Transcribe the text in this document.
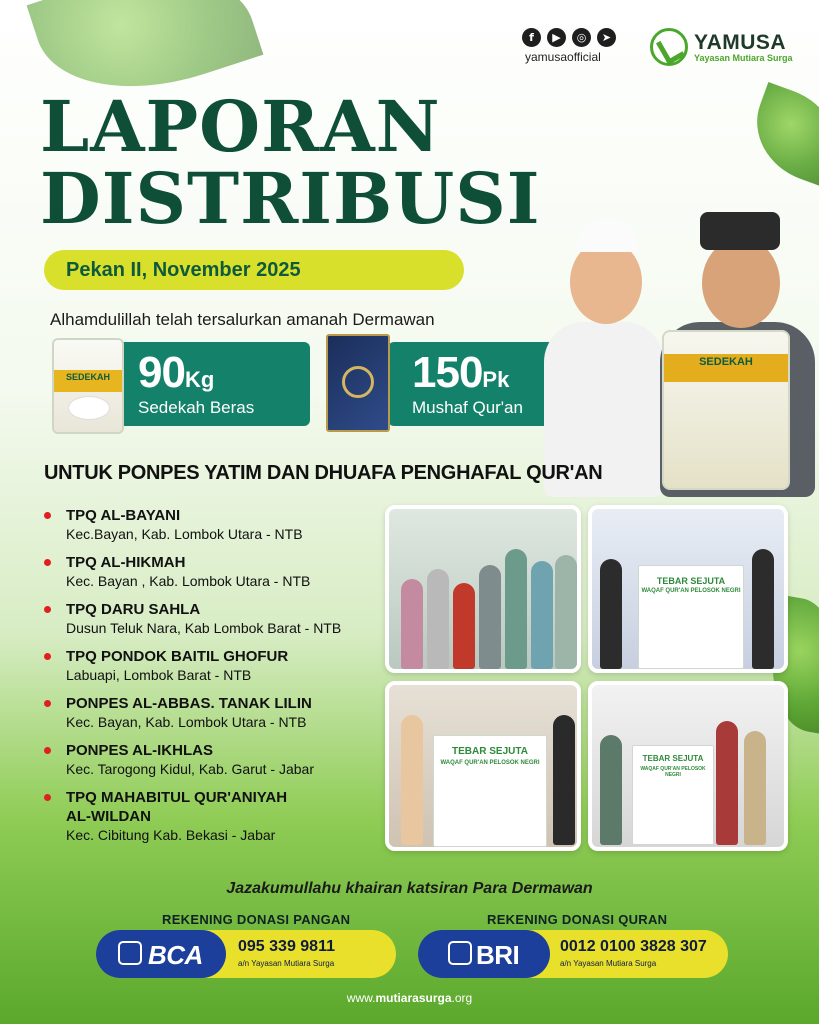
f	▶	◎	➤
yamusaofficial
YAMUSA
Yayasan Mutiara Surga
LAPORAN
DISTRIBUSI
Pekan II, November 2025
Alhamdulillah telah tersalurkan amanah Dermawan
90Kg
Sedekah Beras
SEDEKAH	150Pk
Mushaf Qur'an
SEDEKAH
UNTUK PONPES YATIM DAN DHUAFA PENGHAFAL QUR'AN
TPQ AL-BAYANI
Kec.Bayan, Kab. Lombok Utara - NTB
TPQ AL-HIKMAH
Kec. Bayan , Kab. Lombok Utara - NTB
TPQ DARU SAHLA
Dusun Teluk Nara, Kab Lombok Barat - NTB
TPQ PONDOK BAITIL GHOFUR
Labuapi, Lombok Barat - NTB
PONPES AL-ABBAS. TANAK LILIN
Kec. Bayan, Kab. Lombok Utara - NTB
PONPES AL-IKHLAS
Kec. Tarogong Kidul, Kab. Garut - Jabar
TPQ MAHABITUL QUR'ANIYAH
AL-WILDAN
Kec. Cibitung Kab. Bekasi - Jabar
TEBAR SEJUTA
WAQAF QUR'AN PELOSOK NEGRI
TEBAR SEJUTA
WAQAF QUR'AN PELOSOK NEGRI	TEBAR SEJUTA
WAQAF QUR'AN PELOSOK NEGRI
Jazakumullahu khairan katsiran Para Dermawan
REKENING DONASI PANGAN
BCA 095 339 9811
a/n Yayasan Mutiara Surga
REKENING DONASI QURAN
BRI	0012 0100 3828 307
a/n Yayasan Mutiara Surga
www.mutiarasurga.org
